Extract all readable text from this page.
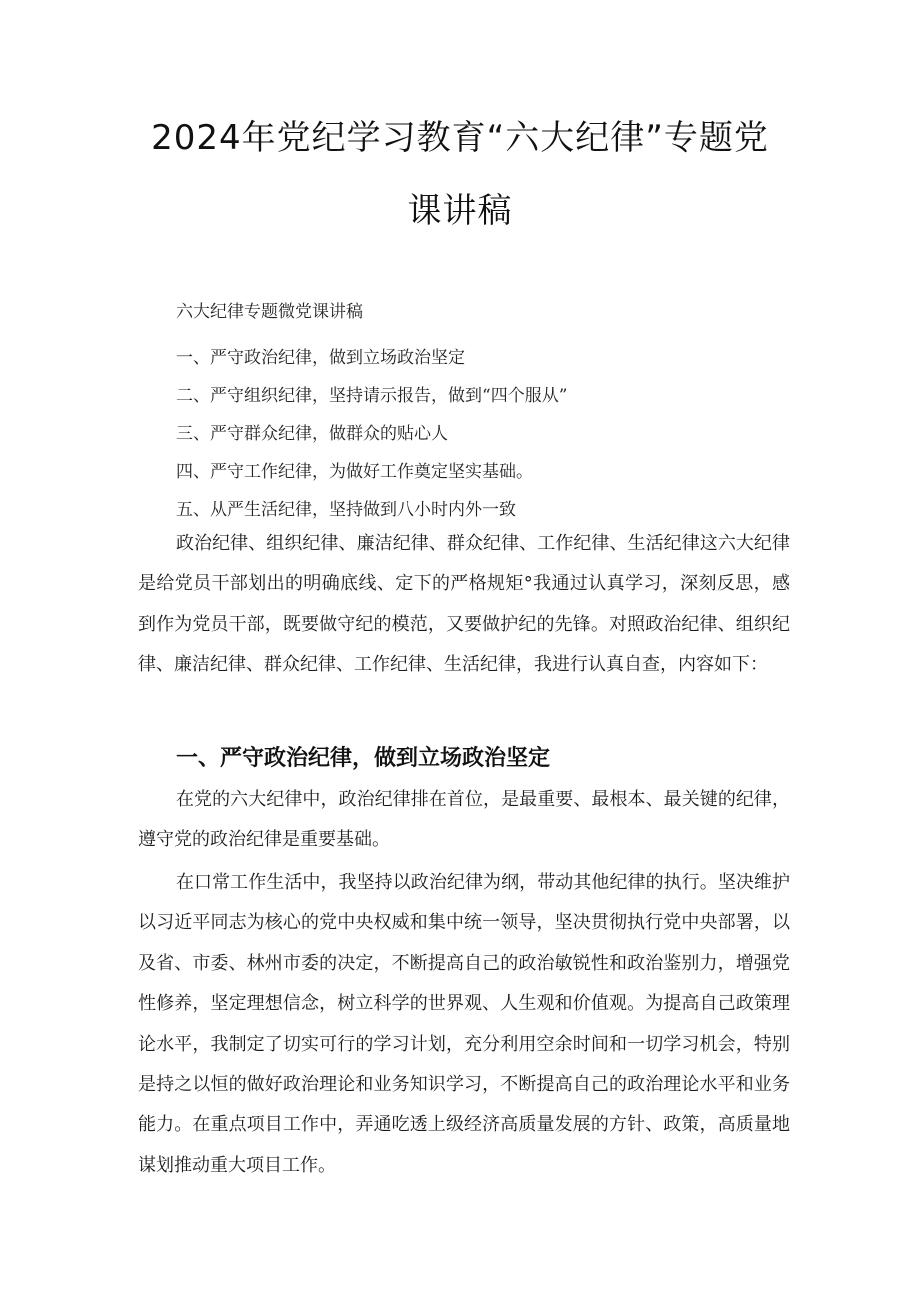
2024年党纪学习教育“六大纪律”专题党
课讲稿

六大纪律专题微党课讲稿

一、严守政治纪律，做到立场政治坚定

二、严守组织纪律，坚持请示报告，做到“四个服从”

三、严守群众纪律，做群众的贴心人

四、严守工作纪律，为做好工作奠定坚实基础。

五、从严生活纪律，坚持做到八小时内外一致

政治纪律、组织纪律、廉洁纪律、群众纪律、工作纪律、生活纪律这六大纪律是给党员干部划出的明确底线、定下的严格规矩°我通过认真学习，深刻反思，感到作为党员干部，既要做守纪的模范，又要做护纪的先锋。对照政治纪律、组织纪律、廉洁纪律、群众纪律、工作纪律、生活纪律，我进行认真自查，内容如下：

一、严守政治纪律，做到立场政治坚定

在党的六大纪律中，政治纪律排在首位，是最重要、最根本、最关键的纪律，遵守党的政治纪律是重要基础。

在口常工作生活中，我坚持以政治纪律为纲，带动其他纪律的执行。坚决维护以习近平同志为核心的党中央权威和集中统一领导，坚决贯彻执行党中央部署，以及省、市委、林州市委的决定，不断提高自己的政治敏锐性和政治鉴别力，增强党性修养，坚定理想信念，树立科学的世界观、人生观和价值观。为提高自己政策理论水平，我制定了切实可行的学习计划，充分利用空余时间和一切学习机会，特别是持之以恒的做好政治理论和业务知识学习，不断提高自己的政治理论水平和业务能力。在重点项目工作中，弄通吃透上级经济高质量发展的方针、政策，高质量地谋划推动重大项目工作。
